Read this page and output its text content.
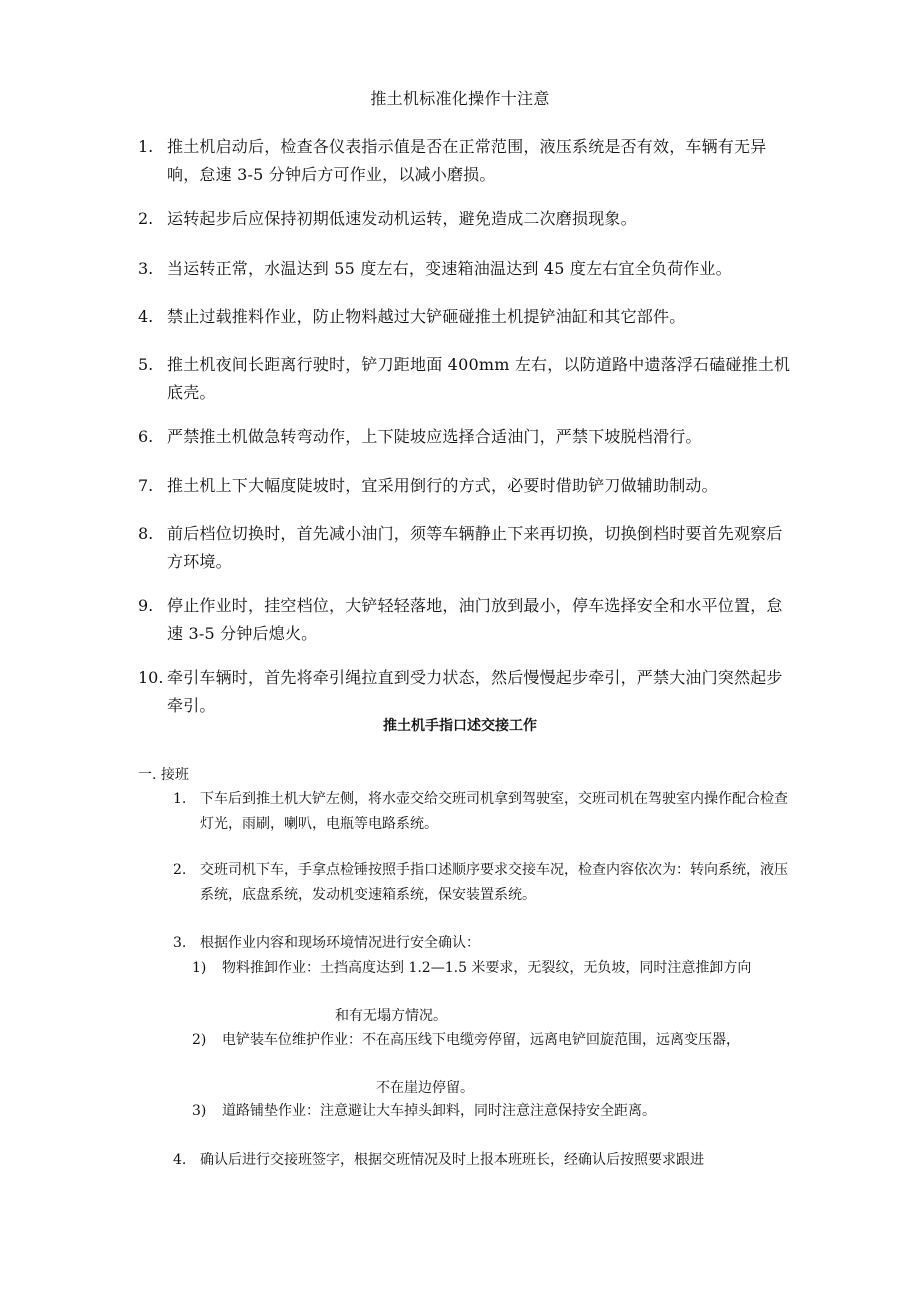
推土机标准化操作十注意
1. 推土机启动后，检查各仪表指示值是否在正常范围，液压系统是否有效，车辆有无异响，怠速 3-5 分钟后方可作业，以减小磨损。
2. 运转起步后应保持初期低速发动机运转，避免造成二次磨损现象。
3. 当运转正常，水温达到 55 度左右，变速箱油温达到 45 度左右宜全负荷作业。
4. 禁止过载推料作业，防止物料越过大铲砸碰推土机提铲油缸和其它部件。
5. 推土机夜间长距离行驶时，铲刀距地面 400mm 左右，以防道路中遗落浮石磕碰推土机底壳。
6. 严禁推土机做急转弯动作，上下陡坡应选择合适油门，严禁下坡脱档滑行。
7. 推土机上下大幅度陡坡时，宜采用倒行的方式，必要时借助铲刀做辅助制动。
8. 前后档位切换时，首先减小油门，须等车辆静止下来再切换，切换倒档时要首先观察后方环境。
9. 停止作业时，挂空档位，大铲轻轻落地，油门放到最小，停车选择安全和水平位置，怠速 3-5 分钟后熄火。
10. 牵引车辆时，首先将牵引绳拉直到受力状态，然后慢慢起步牵引，严禁大油门突然起步牵引。
推土机手指口述交接工作
一. 接班
1. 下车后到推土机大铲左侧，将水壶交给交班司机拿到驾驶室，交班司机在驾驶室内操作配合检查灯光，雨刷，喇叭，电瓶等电路系统。
2. 交班司机下车，手拿点检锤按照手指口述顺序要求交接车况，检查内容依次为：转向系统，液压系统，底盘系统，发动机变速箱系统，保安装置系统。
3. 根据作业内容和现场环境情况进行安全确认：
1) 物料推卸作业：土挡高度达到 1.2—1.5 米要求，无裂纹，无负坡，同时注意推卸方向
和有无塌方情况。
2) 电铲装车位维护作业：不在高压线下电缆旁停留，远离电铲回旋范围，远离变压器，
不在崖边停留。
3) 道路铺垫作业：注意避让大车掉头卸料，同时注意注意保持安全距离。
4. 确认后进行交接班签字，根据交班情况及时上报本班班长，经确认后按照要求跟进
